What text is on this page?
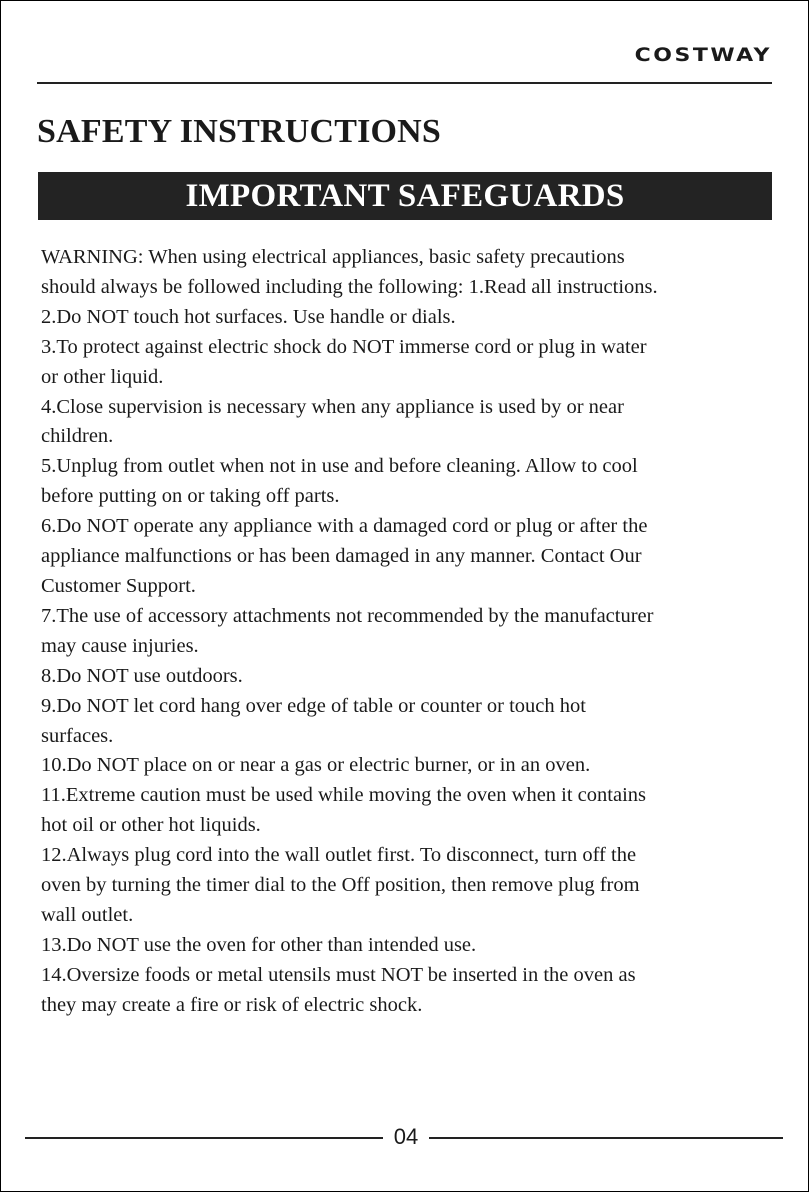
COSTWAY
SAFETY INSTRUCTIONS
IMPORTANT SAFEGUARDS
WARNING: When using electrical appliances, basic safety precautions
should always be followed including the following: 1.Read all instructions.
2.Do NOT touch hot surfaces. Use handle or dials.
3.To protect against electric shock do NOT immerse cord or plug in water
or other liquid.
4.Close supervision is necessary when any appliance is used by or near
children.
5.Unplug from outlet when not in use and before cleaning. Allow to cool
before putting on or taking off parts.
6.Do NOT operate any appliance with a damaged cord or plug or after the
appliance malfunctions or has been damaged in any manner. Contact Our
Customer Support.
7.The use of accessory attachments not recommended by the manufacturer
may cause injuries.
8.Do NOT use outdoors.
9.Do NOT let cord hang over edge of table or counter or touch hot
surfaces.
10.Do NOT place on or near a gas or electric burner, or in an oven.
11.Extreme caution must be used while moving the oven when it contains
hot oil or other hot liquids.
12.Always plug cord into the wall outlet first. To disconnect, turn off the
oven by turning the timer dial to the Off position, then remove plug from
wall outlet.
13.Do NOT use the oven for other than intended use.
14.Oversize foods or metal utensils must NOT be inserted in the oven as
they may create a fire or risk of electric shock.
04
